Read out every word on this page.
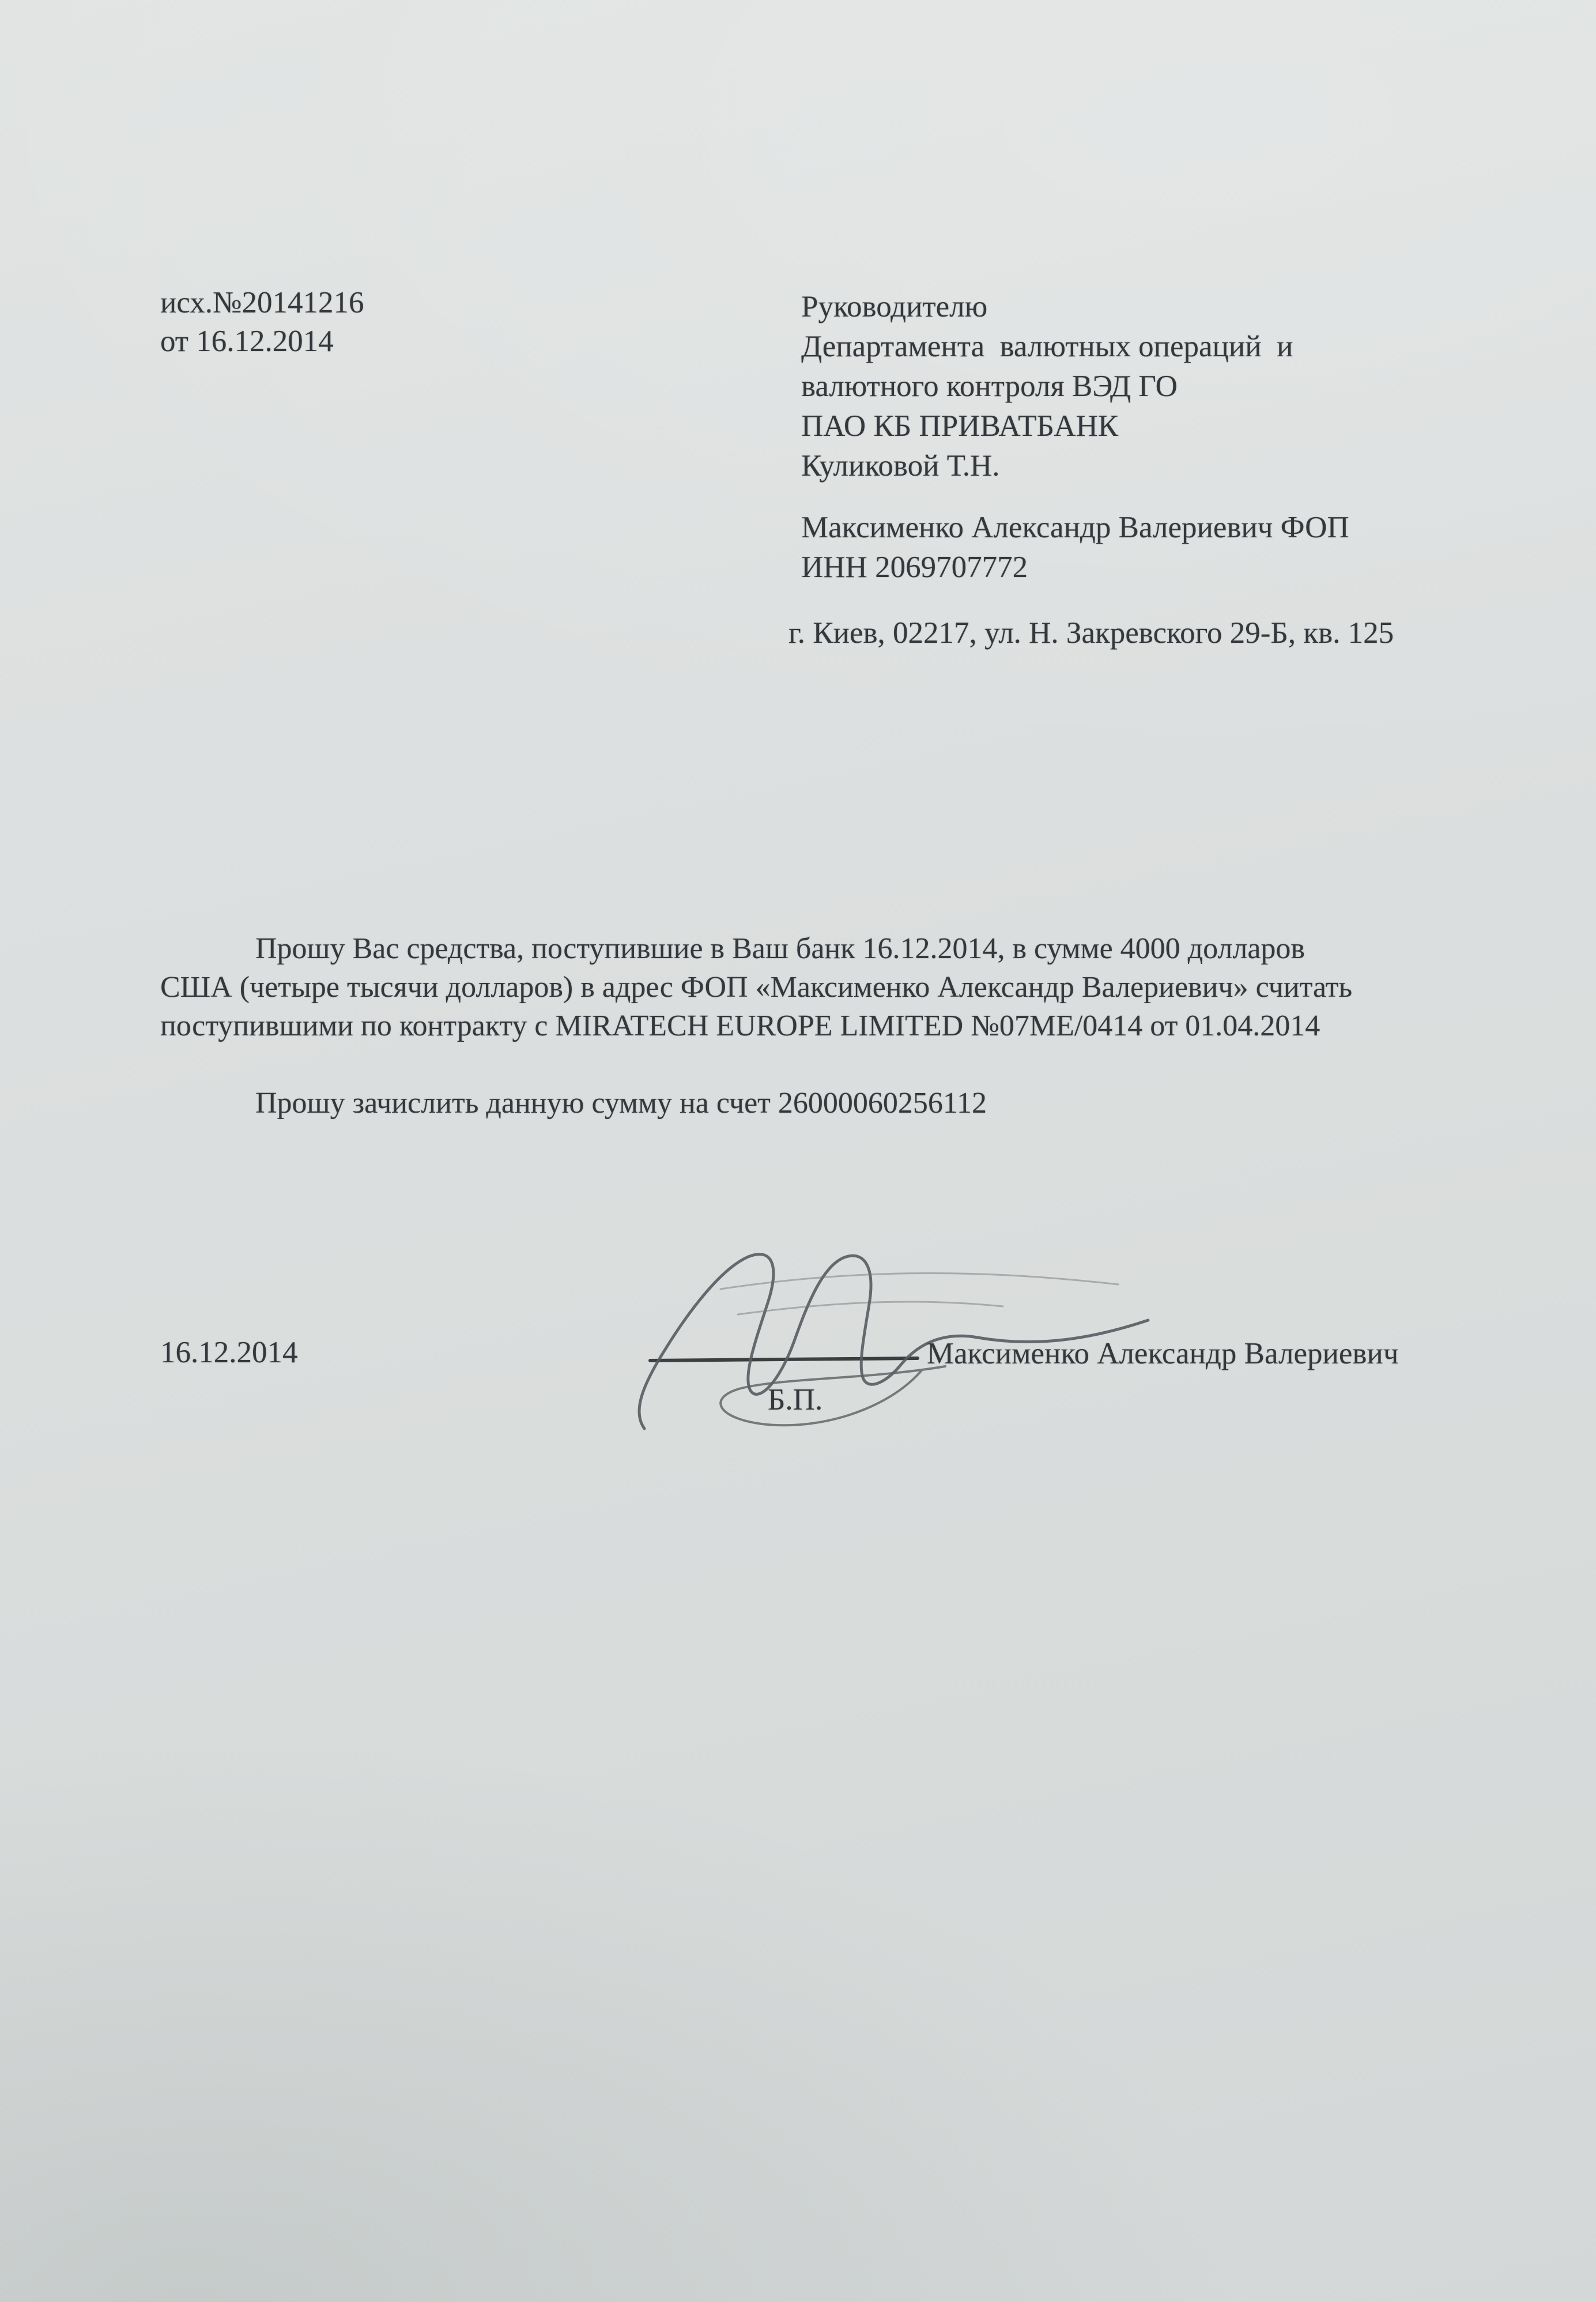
исх.№20141216
от 16.12.2014
Руководителю
Департамента  валютных операций  и
валютного контроля ВЭД ГО
ПАО КБ ПРИВАТБАНК
Куликовой Т.Н.
Максименко Александр Валериевич ФОП
ИНН 2069707772
г. Киев, 02217, ул. Н. Закревского 29-Б, кв. 125
Прошу Вас средства, поступившие в Ваш банк 16.12.2014, в сумме 4000 долларов
США (четыре тысячи долларов) в адрес ФОП «Максименко Александр Валериевич» считать
поступившими по контракту с MIRATECH EUROPE LIMITED №07ME/0414 от 01.04.2014
Прошу зачислить данную сумму на счет 26000060256112
16.12.2014
Б.П.
Максименко Александр Валериевич
